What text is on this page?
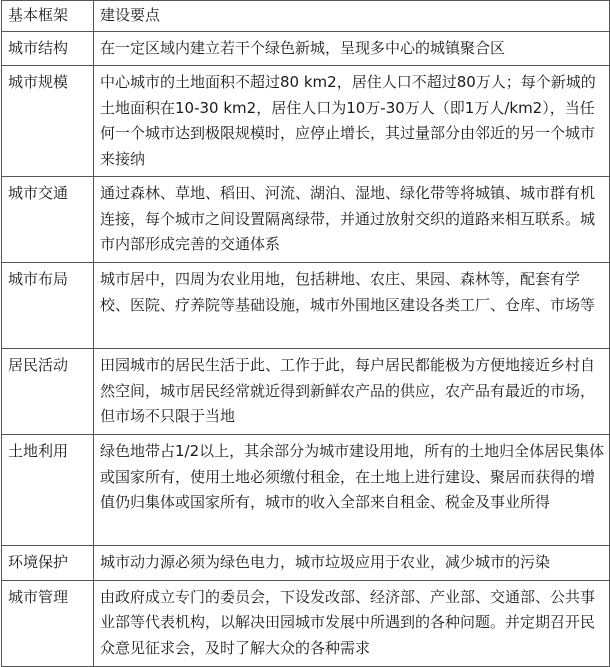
基本框架	建设要点
城市结构	在一定区域内建立若干个绿色新城，呈现多中心的城镇聚合区
城市规模	中心城市的土地面积不超过80 km2，居住人口不超过80万人；每个新城的土地面积在10-30 km2，居住人口为10万-30万人（即1万人/km2），当任何一个城市达到极限规模时，应停止增长，其过量部分由邻近的另一个城市来接纳
城市交通	通过森林、草地、稻田、河流、湖泊、湿地、绿化带等将城镇、城市群有机连接，每个城市之间设置隔离绿带，并通过放射交织的道路来相互联系。城市内部形成完善的交通体系
城市布局	城市居中，四周为农业用地，包括耕地、农庄、果园、森林等，配套有学校、医院、疗养院等基础设施，城市外围地区建设各类工厂、仓库、市场等
居民活动	田园城市的居民生活于此、工作于此，每户居民都能极为方便地接近乡村自然空间，城市居民经常就近得到新鲜农产品的供应，农产品有最近的市场，但市场不只限于当地
土地利用	绿色地带占1/2以上，其余部分为城市建设用地，所有的土地归全体居民集体或国家所有，使用土地必须缴付租金，在土地上进行建设、聚居而获得的增值仍归集体或国家所有，城市的收入全部来自租金、税金及事业所得
环境保护	城市动力源必须为绿色电力，城市垃圾应用于农业，减少城市的污染
城市管理	由政府成立专门的委员会，下设发改部、经济部、产业部、交通部、公共事业部等代表机构，以解决田园城市发展中所遇到的各种问题。并定期召开民众意见征求会，及时了解大众的各种需求
